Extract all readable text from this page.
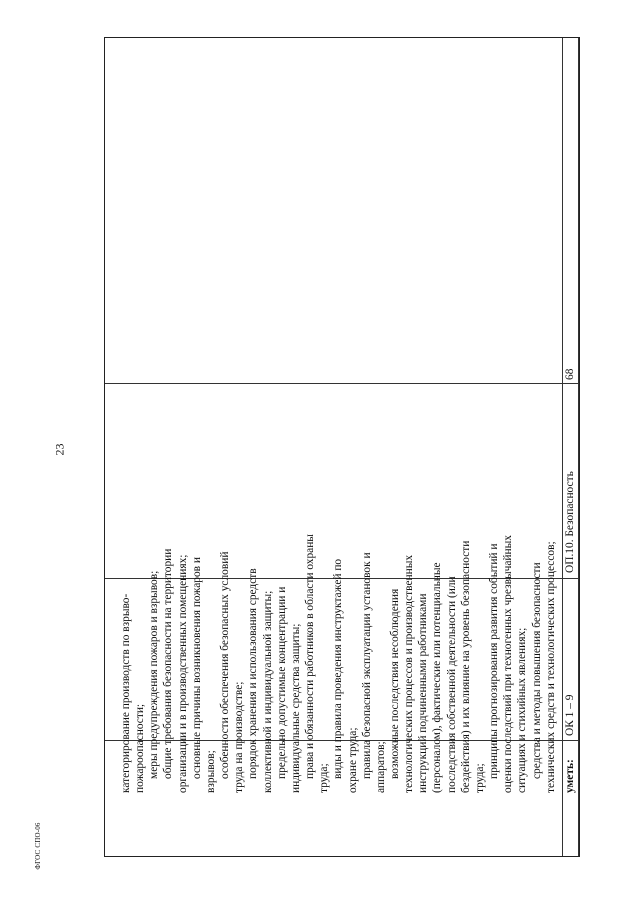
23
ФГОС СПО-06
категорирование производств по взрыво- пожароопасности; меры предупреждения пожаров и взрывов; общие требования безопасности на территории организации и в производственных помещениях; основные причины возникновения пожаров и взрывов; особенности обеспечения безопасных условий труда на производстве; порядок хранения и использования средств коллективной и индивидуальной защиты; предельно допустимые концентрации и индивидуальные средства защиты; права и обязанности работников в области охраны труда; виды и правила проведения инструктажей по охране труда; правила безопасной эксплуатации установок и аппаратов; возможные последствия несоблюдения технологических процессов и производственных инструкций подчиненными работниками (персоналом), фактические или потенциальные последствия собственной деятельности (или бездействия) и их влияние на уровень безопасности труда; принципы прогнозирования развития событий и оценки последствий при техногенных чрезвычайных ситуациях и стихийных явлениях; средства и методы повышения безопасности технических средств и технологических процессов; уметь:
68
ОП.10. Безопасность
ОК 1 – 9
